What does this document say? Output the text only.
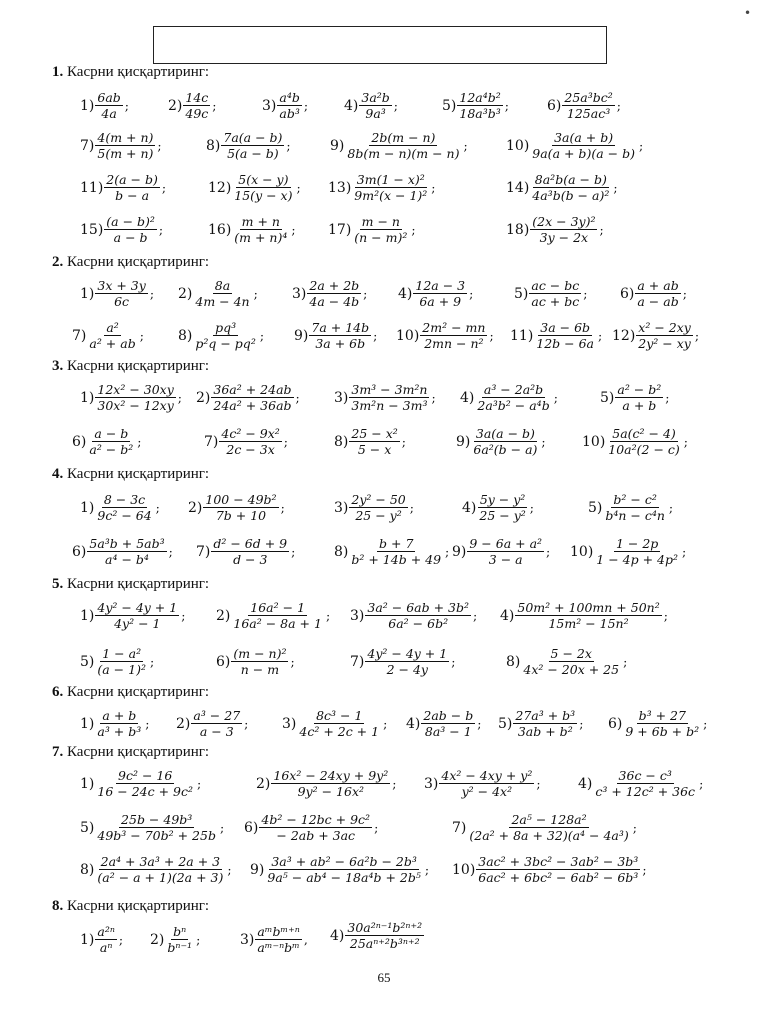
•
1. Касрни қисқартиринг:
$1) \frac{6ab}{4a}$ ;	$2) \frac{14c}{49c}$ ;	$3) \frac{\text{a⁴b}}{\text{ab³}}$ ;	$4) \frac{\text{3a²b}}{\text{9a³}}$ ;	$5) \frac{\text{12a⁴b²}}{\text{18a³b³}}$ ;	$6) \frac{\text{25a³bc²}}{\text{125ac³}}$ ;
$7) \frac{4(m + n)}{5(m + n)}$ ;	$8) \frac{7a(a - b)}{5(a - b)}$ ;	$9) \frac{2b(m - n)}{8b(m - n)(m - n)}$ ;	$10) \frac{3a(a + b)}{9a(a + b)(a - b)}$ ;
$11) \frac{2(a - b)}{b - a}$ ;	$12) \frac{5(x - y)}{15(y - x)}$ ; $13) \frac{\text{3m(1 − x)²}}{\text{9m²(x − 1)²}}$ ;	$14) \frac{\text{8a²b(a − b)}}{\text{4a³b(b − a)²}}$ ;
$15) \frac{\text{(a − b)²}}{a - b}$ ;	$16) \frac{m + n}{\text{(m + n)⁴}}$ ; $17) \frac{m - n}{\text{(n − m)²}}$ ;	$18) \frac{\text{(2x − 3y)²}}{3y - 2x}$ ;
2. Касрни қисқартиринг:
$1) \frac{3x + 3y}{6c}$ ; $2) \frac{8a}{4m - 4n}$ ; $3) \frac{2a + 2b}{4a - 4b}$ ; $4) \frac{12a - 3}{6a + 9}$ ;	$5) \frac{ac - bc}{ac + bc}$ ; $6) \frac{a + ab}{a - ab}$ ;
$7) \frac{\text{a²}}{\text{a² + ab}}$ ; $8) \frac{\text{pq³}}{\text{p²q − pq²}}$ ; $9) \frac{7a + 14b}{3a + 6b}$ ; $10) \frac{\text{2m² − mn}}{\text{2mn − n²}}$ ; $11) \frac{3a - 6b}{12b - 6a}$ ; $12) \frac{\text{x² − 2xy}}{\text{2y² − xy}}$ ;
3. Касрни қисқартиринг:
$1) \frac{\text{12x² − 30xy}}{\text{30x² − 12xy}}$ ; $2) \frac{\text{36a² + 24ab}}{\text{24a² + 36ab}}$ ; $3) \frac{\text{3m³ − 3m²n}}{\text{3m²n − 3m³}}$ ; $4) \frac{\text{a³ − 2a²b}}{\text{2a³b² − a⁴b}}$ ;	$5) \frac{\text{a² − b²}}{a + b}$ ;
$6) \frac{a - b}{\text{a² − b²}}$ ;	$7) \frac{\text{4c² − 9x²}}{2c - 3x}$ ;	$8) \frac{\text{25 − x²}}{5 - x}$ ;	$9) \frac{3a(a - b)}{\text{6a²(b − a)}}$ ;	$10) \frac{\text{5a(c² − 4)}}{\text{10a²(2 − c)}}$ ;
4. Касрни қисқартиринг:
$1) \frac{8 - 3c}{\text{9c² − 64}}$ ; $2) \frac{\text{100 − 49b²}}{7b + 10}$ ;	$3) \frac{\text{2y² − 50}}{\text{25 − y²}}$ ;	$4) \frac{\text{5y − y²}}{\text{25 − y²}}$ ;	$5) \frac{\text{b² − c²}}{\text{b⁴n − c⁴n}}$ ;
$6) \frac{\text{5a³b + 5ab³}}{\text{a⁴ − b⁴}}$ ; $7) \frac{\text{d² − 6d + 9}}{d - 3}$ ;	$8) \frac{b + 7}{\text{b² + 14b + 49}}$ ; $9) \frac{\text{9 − 6a + a²}}{3 - a}$ ; $10) \frac{1 - 2p}{\text{1 − 4p + 4p²}}$ ;
5. Касрни қисқартиринг:
$1) \frac{\text{4y² − 4y + 1}}{\text{4y² − 1}}$ ; $2) \frac{\text{16a² − 1}}{\text{16a² − 8a + 1}}$ ; $3) \frac{\text{3a² − 6ab + 3b²}}{\text{6a² − 6b²}}$ ; $4) \frac{\text{50m² + 100mn + 50n²}}{\text{15m² − 15n²}}$ ;
$5) \frac{\text{1 − a²}}{\text{(a − 1)²}}$ ;	$6) \frac{\text{(m − n)²}}{n - m}$ ;	$7) \frac{\text{4y² − 4y + 1}}{2 - 4y}$ ;	$8) \frac{5 - 2x}{\text{4x² − 20x + 25}}$ ;
6. Касрни қисқартиринг:
$1) \frac{a + b}{\text{a³ + b³}}$ ; $2) \frac{\text{a³ − 27}}{a - 3}$ ; $3) \frac{\text{8c³ − 1}}{\text{4c² + 2c + 1}}$ ; $4) \frac{2ab - b}{\text{8a³ − 1}}$ ; $5) \frac{\text{27a³ + b³}}{\text{3ab + b²}}$ ; $6) \frac{\text{b³ + 27}}{\text{9 + 6b + b²}}$ ;
7. Касрни қисқартиринг:
$1) \frac{\text{9c² − 16}}{\text{16 − 24c + 9c²}}$ ;	$2) \frac{\text{16x² − 24xy + 9y²}}{\text{9y² − 16x²}}$ ; $3) \frac{\text{4x² − 4xy + y²}}{\text{y² − 4x²}}$ ;	$4) \frac{\text{36c − c³}}{\text{c³ + 12c² + 36c}}$ ;
$5) \frac{\text{25b − 49b³}}{\text{49b³ − 70b² + 25b}}$ ; $6) \frac{\text{4b² − 12bc + 9c²}}{- 2ab + 3ac}$ ;	$7) \frac{\text{2a⁵ − 128a²}}{\text{(2a² + 8a + 32)(a⁴ − 4a³)}}$ ;
$8) \frac{\text{2a⁴ + 3a³ + 2a + 3}}{\text{(a² − a + 1)(2a + 3)}}$ ; $9) \frac{\text{3a³ + ab² − 6a²b − 2b³}}{\text{9a⁵ − ab⁴ − 18a⁴b + 2b⁵}}$ ; $10) \frac{\text{3ac² + 3bc² − 3ab² − 3b³}}{\text{6ac² + 6bc² − 6ab² − 6b³}}$ ;
8. Касрни қисқартиринг:
$1) \frac{\text{a²ⁿ}}{\text{aⁿ}}$ ; $2) \frac{\text{bⁿ}}{\text{bⁿ⁻¹}}$ ;	$3) \frac{\text{aᵐbᵐ⁺ⁿ}}{\text{aᵐ⁻ⁿbᵐ}}$ , $4) \frac{\text{30a²ⁿ⁻¹b²ⁿ⁺²}}{\text{25aⁿ⁺²b³ⁿ⁺²}}$
65
